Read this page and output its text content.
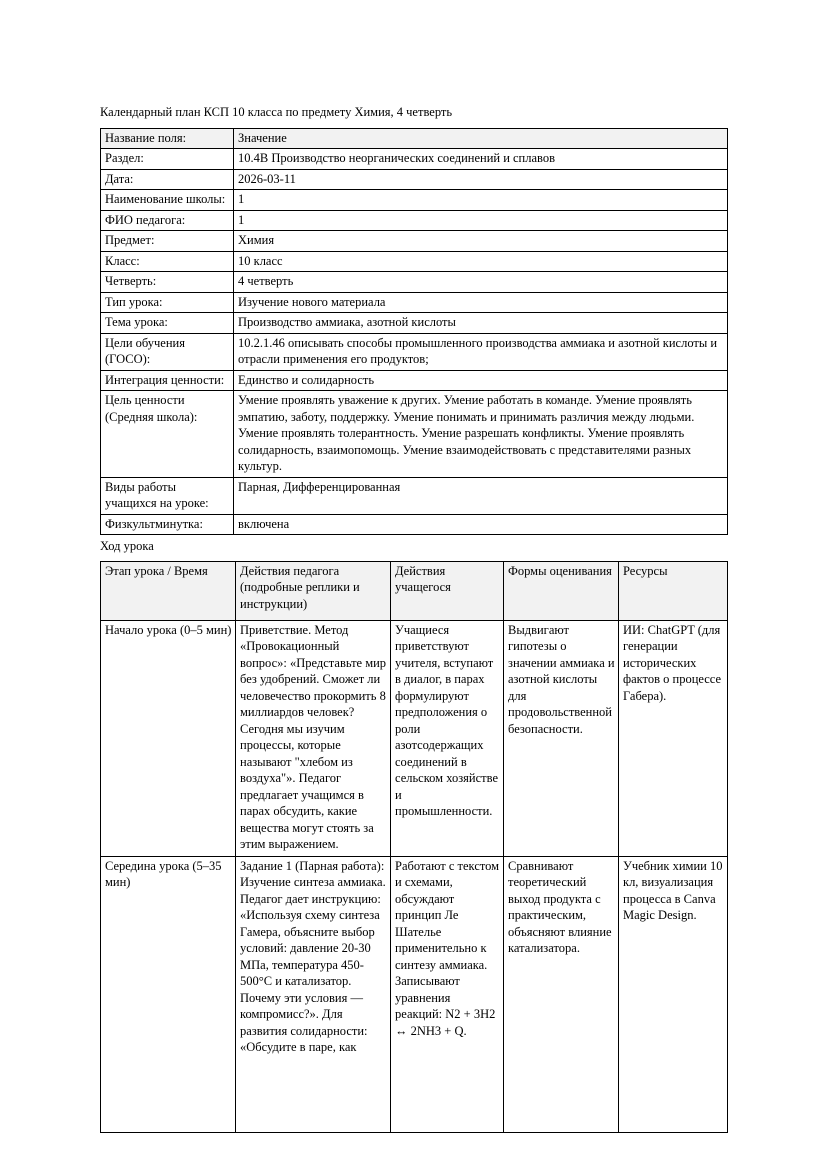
Календарный план КСП 10 класса по предмету Химия, 4 четверть
Название поля:	Значение
Раздел:	10.4В Производство неорганических соединений и сплавов
Дата:	2026-03-11
Наименование школы:	1
ФИО педагога:	1
Предмет:	Химия
Класс:	10 класс
Четверть:	4 четверть
Тип урока:	Изучение нового материала
Тема урока:	Производство аммиака, азотной кислоты
Цели обучения (ГОСО):	10.2.1.46 описывать способы промышленного производства аммиака и азотной кислоты и отрасли применения его продуктов;
Интеграция ценности:	Единство и солидарность
Цель ценности (Средняя школа):	Умение проявлять уважение к других. Умение работать в команде. Умение проявлять эмпатию, заботу, поддержку. Умение понимать и принимать различия между людьми. Умение проявлять толерантность. Умение разрешать конфликты. Умение проявлять солидарность, взаимопомощь. Умение взаимодействовать с представителями разных культур.
Виды работы учащихся на уроке:	Парная, Дифференцированная
Физкультминутка:	включена
Ход урока
Этап урока / Время	Действия педагога (подробные реплики и инструкции)	Действия учащегося	Формы оценивания	Ресурсы
Начало урока (0–5 мин)	Приветствие. Метод «Провокационный вопрос»: «Представьте мир без удобрений. Сможет ли человечество прокормить 8 миллиардов человек? Сегодня мы изучим процессы, которые называют "хлебом из воздуха"». Педагог предлагает учащимся в парах обсудить, какие вещества могут стоять за этим выражением.	Учащиеся приветствуют учителя, вступают в диалог, в парах формулируют предположения о роли азотсодержащих соединений в сельском хозяйстве и промышленности.	Выдвигают гипотезы о значении аммиака и азотной кислоты для продовольственной безопасности.	ИИ: ChatGPT (для генерации исторических фактов о процессе Габера).
Середина урока (5–35 мин)	Задание 1 (Парная работа): Изучение синтеза аммиака. Педагог дает инструкцию: «Используя схему синтеза Гамера, объясните выбор условий: давление 20-30 МПа, температура 450-500°C и катализатор. Почему эти условия — компромисс?». Для развития солидарности: «Обсудите в паре, как	Работают с текстом и схемами, обсуждают принцип Ле Шателье применительно к синтезу аммиака. Записывают уравнения реакций: N2 + 3H2 ↔ 2NH3 + Q.	Сравнивают теоретический выход продукта с практическим, объясняют влияние катализатора.	Учебник химии 10 кл, визуализация процесса в Canva Magic Design.
